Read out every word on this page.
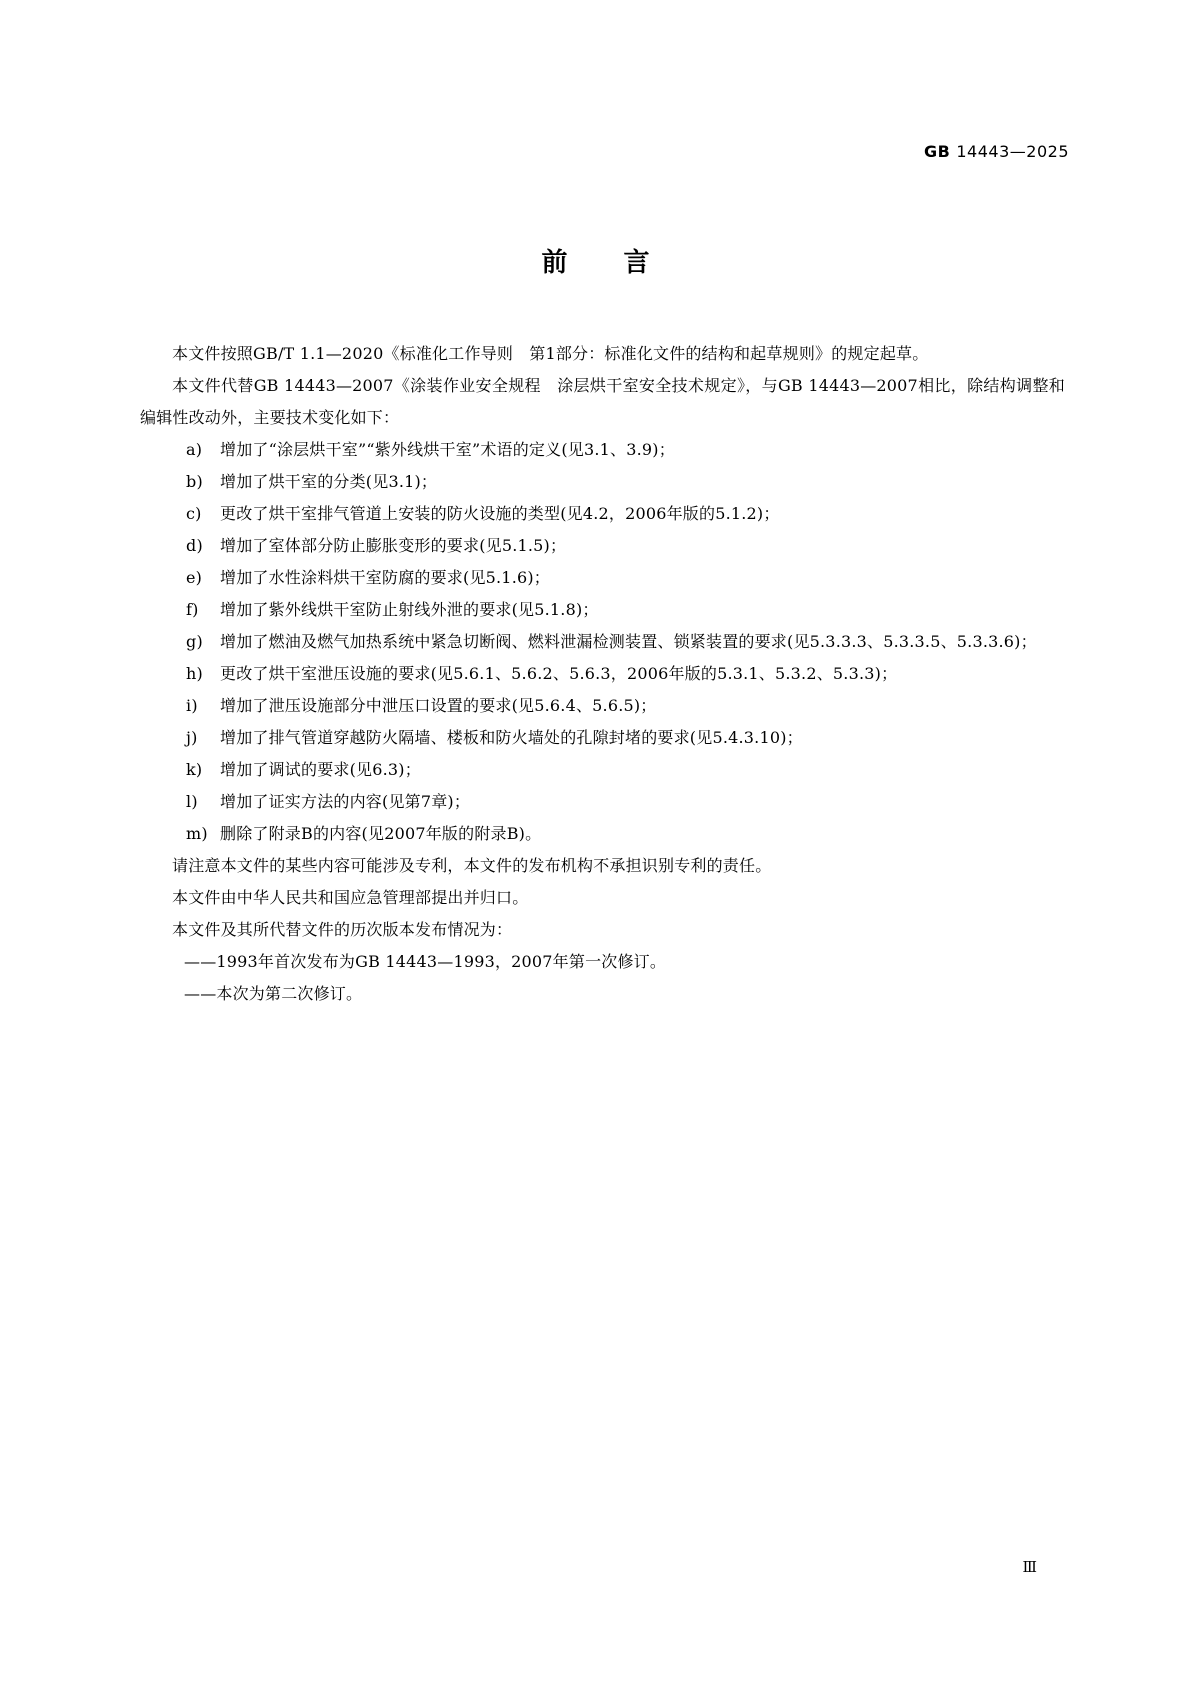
GB 14443—2025
前言

本文件按照GB/T 1.1—2020《标准化工作导则　第1部分：标准化文件的结构和起草规则》的规定起草。

本文件代替GB 14443—2007《涂装作业安全规程　涂层烘干室安全技术规定》，与GB 14443—2007相比，除结构调整和编辑性改动外，主要技术变化如下：

a) 增加了“涂层烘干室”“紫外线烘干室”术语的定义(见3.1、3.9)；
b) 增加了烘干室的分类(见3.1)；
c) 更改了烘干室排气管道上安装的防火设施的类型(见4.2，2006年版的5.1.2)；
d) 增加了室体部分防止膨胀变形的要求(见5.1.5)；
e) 增加了水性涂料烘干室防腐的要求(见5.1.6)；
f) 增加了紫外线烘干室防止射线外泄的要求(见5.1.8)；
g) 增加了燃油及燃气加热系统中紧急切断阀、燃料泄漏检测装置、锁紧装置的要求(见5.3.3.3、5.3.3.5、5.3.3.6)；
h) 更改了烘干室泄压设施的要求(见5.6.1、5.6.2、5.6.3，2006年版的5.3.1、5.3.2、5.3.3)；
i) 增加了泄压设施部分中泄压口设置的要求(见5.6.4、5.6.5)；
j) 增加了排气管道穿越防火隔墙、楼板和防火墙处的孔隙封堵的要求(见5.4.3.10)；
k) 增加了调试的要求(见6.3)；
l) 增加了证实方法的内容(见第7章)；
m) 删除了附录B的内容(见2007年版的附录B)。

请注意本文件的某些内容可能涉及专利，本文件的发布机构不承担识别专利的责任。

本文件由中华人民共和国应急管理部提出并归口。

本文件及其所代替文件的历次版本发布情况为：

——1993年首次发布为GB 14443—1993，2007年第一次修订。

——本次为第二次修订。

Ⅲ
